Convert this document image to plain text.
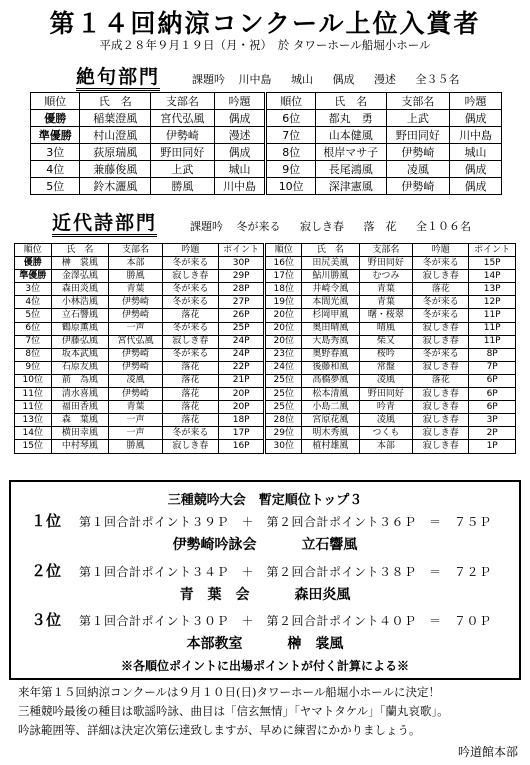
第１４回納涼コンクール上位入賞者
平成２８年９月１９日（月・祝）　於 タワーホール船堀小ホール
絶句部門	課題吟 川中島 城山 偶成 漫述 全３５名
順位	氏　名	支部名	吟題	順位	氏　名	支部名	吟題
優勝	稲葉澄風	宮代弘風	偶成	6位	都丸　勇	上武	偶成
準優勝	村山澄風	伊勢崎	漫述	7位	山本健風	野田同好	川中島
3位	荻原瑞風	野田同好	偶成	8位	根岸マサ子	伊勢崎	城山
4位	兼藤俊風	上武	城山	9位	長尾鴻風	凌風	偶成
5位	鈴木灑風	勝風	川中島	10位	深津憲風	伊勢崎	偶成
近代詩部門	課題吟 冬が来る 寂しき春 落　花 全１０６名
順位	氏　名	支部名	吟題	ポイント	順位	氏　名	支部名	吟題	ポイント
優勝	榊　裳風	本部	冬が来る	30P	16位	田尻美風	野田同好	冬が来る	15P
準優勝	金澤弘風	勝風	寂しき春	29P	17位	鮎川勝風	むつみ	寂しき春	14P
3位	森田炎風	青葉	冬が来る	28P	18位	井崎令風	青葉	落花	13P
4位	小林浩風	伊勢崎	冬が来る	27P	19位	本間光風	青葉	冬が来る	12P
5位	立石響風	伊勢崎	落花	26P	20位	杉岡甲風	曙・桜翠	冬が来る	11P
6位	鶴原薫風	一声	冬が来る	25P	20位	奥田晴風	晴風	寂しき春	11P
7位	伊藤弘風	宮代弘風	寂しき春	24P	20位	大島秀風	柴又	寂しき春	11P
8位	坂本武風	伊勢崎	冬が来る	24P	23位	奥野春風	桜吟	冬が来る	8P
9位	石原友風	伊勢崎	落花	22P	24位	後藤和風	常盤	寂しき春	7P
10位	箭　為風	凌風	落花	21P	25位	高橋夢風	凌風	落花	6P
11位	清水喜風	伊勢崎	落花	20P	25位	松本清風	野田同好	寂しき春	6P
11位	福田香風	青葉	落花	20P	25位	小島二風	吟青	寂しき春	6P
13位	森　葉風	一声	落花	18P	28位	宮原花風	凌風	寂しき春	3P
14位	横田幸風	一声	冬が来る	17P	29位	明木秀風	つくも	寂しき春	2P
15位	中村琴風	勝風	寂しき春	16P	30位	植村雄風	本部	寂しき春	1P
三種競吟大会　暫定順位トップ３
１位 第１回合計ポイント３９Ｐ　＋　第２回合計ポイント３６Ｐ　＝　７５Ｐ
伊勢崎吟詠会	立石響風
２位 第１回合計ポイント３４Ｐ　＋　第２回合計ポイント３８Ｐ　＝　７２Ｐ
青　葉　会	森田炎風
３位 第１回合計ポイント３０Ｐ　＋　第２回合計ポイント４０Ｐ　＝　７０Ｐ
本部教室	榊　裳風
※各順位ポイントに出場ポイントが付く計算による※
来年第１５回納涼コンクールは９月１０日(日)タワーホール船堀小ホールに決定！
三種競吟最後の種目は歌謡吟詠、曲目は「信玄無情」「ヤマトタケル」「蘭丸哀歌」。
吟詠範囲等、詳細は決定次第伝達致しますが、早めに練習にかかりましょう。
吟道館本部
